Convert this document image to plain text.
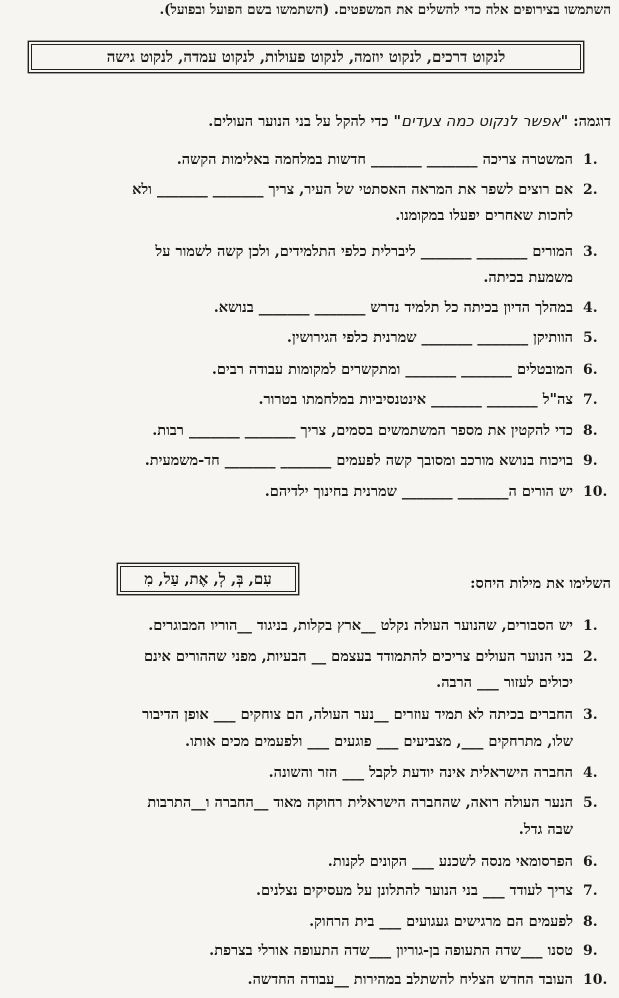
השתמשו בצירופים אלה כדי להשלים את המשפטים. (השתמשו בשם הפועל ובפועל).
לנקוט דרכים, לנקוט יוזמה, לנקוט פעולות, לנקוט עמדה, לנקוט גישה
דוגמה: "אפשר לנקוט כמה צעדים" כדי להקל על בני הנוער העולים.
.1
המשטרה צריכה _______ _______ חדשות במלחמה באלימות הקשה.
.2
אם רוצים לשפר את המראה האסתטי של העיר, צריך _______ _______ ולא
לחכות שאחרים יפעלו במקומנו.
.3
המורים _______ _______ ליברלית כלפי התלמידים, ולכן קשה לשמור על
משמעת בכיתה.
.4
במהלך הדיון בכיתה כל תלמיד נדרש _______ _______ בנושא.
.5
הוותיקן _______ _______ שמרנית כלפי הגירושין.
.6
המובטלים _______ _______ ומתקשרים למקומות עבודה רבים.
.7
צה"ל _______ _______ אינטנסיביות במלחמתו בטרור.
.8
כדי להקטין את מספר המשתמשים בסמים, צריך _______ _______ רבות.
.9
בויכוח בנושא מורכב ומסובך קשה לפעמים _______ _______ חד-משמעית.
.10
יש הורים ה_______ _______ שמרנית בחינוך ילדיהם.
השלימו את מילות היחס:
עִם, בְּ, לְ, אֶת, עַל, מִ
.1
יש הסבורים, שהנוער העולה נקלט __ארץ בקלות, בניגוד __הוריו המבוגרים.
.2
בני הנוער העולים צריכים להתמודד בעצמם __ הבעיות, מפני שההורים אינם
יכולים לעזור ___ הרבה.
.3
החברים בכיתה לא תמיד עוזרים __נער העולה, הם צוחקים ___ אופן הדיבור
שלו, מתרחקים ___, מצביעים ___ פוגעים ___ ולפעמים מכים אותו.
.4
החברה הישראלית אינה יודעת לקבל ___ הזר והשונה.
.5
הנער העולה רואה, שהחברה הישראלית רחוקה מאוד __החברה ו__התרבות
שבה גדל.
.6
הפרסומאי מנסה לשכנע ___ הקונים לקנות.
.7
צריך לעודד ___ בני הנוער להתלונן על מעסיקים נצלנים.
.8
לפעמים הם מרגישים געגועים ___ בית הרחוק.
.9
טסנו ___שדה התעופה בן-גוריון ___שדה התעופה אורלי בצרפת.
.10
העובד החדש הצליח להשתלב במהירות __עבודה החדשה.
